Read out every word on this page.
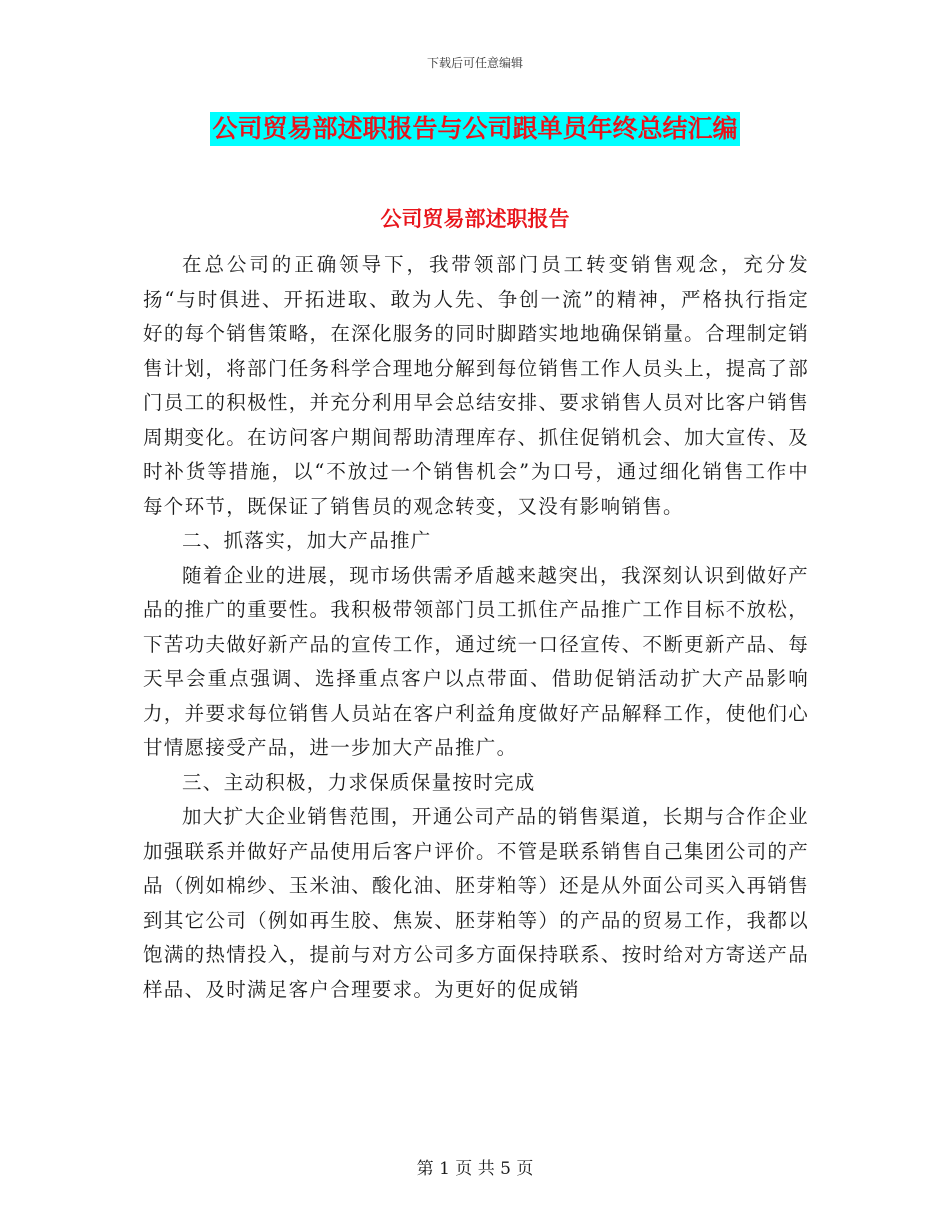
下载后可任意编辑
公司贸易部述职报告与公司跟单员年终总结汇编
公司贸易部述职报告

在总公司的正确领导下，我带领部门员工转变销售观念，充分发扬“与时俱进、开拓进取、敢为人先、争创一流”的精神，严格执行指定好的每个销售策略，在深化服务的同时脚踏实地地确保销量。合理制定销售计划，将部门任务科学合理地分解到每位销售工作人员头上，提高了部门员工的积极性，并充分利用早会总结安排、要求销售人员对比客户销售周期变化。在访问客户期间帮助清理库存、抓住促销机会、加大宣传、及时补货等措施，以“不放过一个销售机会”为口号，通过细化销售工作中每个环节，既保证了销售员的观念转变，又没有影响销售。

二、抓落实，加大产品推广

随着企业的进展，现市场供需矛盾越来越突出，我深刻认识到做好产品的推广的重要性。我积极带领部门员工抓住产品推广工作目标不放松，下苦功夫做好新产品的宣传工作，通过统一口径宣传、不断更新产品、每天早会重点强调、选择重点客户以点带面、借助促销活动扩大产品影响力，并要求每位销售人员站在客户利益角度做好产品解释工作，使他们心甘情愿接受产品，进一步加大产品推广。

三、主动积极，力求保质保量按时完成

加大扩大企业销售范围，开通公司产品的销售渠道，长期与合作企业加强联系并做好产品使用后客户评价。不管是联系销售自己集团公司的产品（例如棉纱、玉米油、酸化油、胚芽粕等）还是从外面公司买入再销售到其它公司（例如再生胶、焦炭、胚芽粕等）的产品的贸易工作，我都以饱满的热情投入，提前与对方公司多方面保持联系、按时给对方寄送产品样品、及时满足客户合理要求。为更好的促成销

第 1 页 共 5 页
